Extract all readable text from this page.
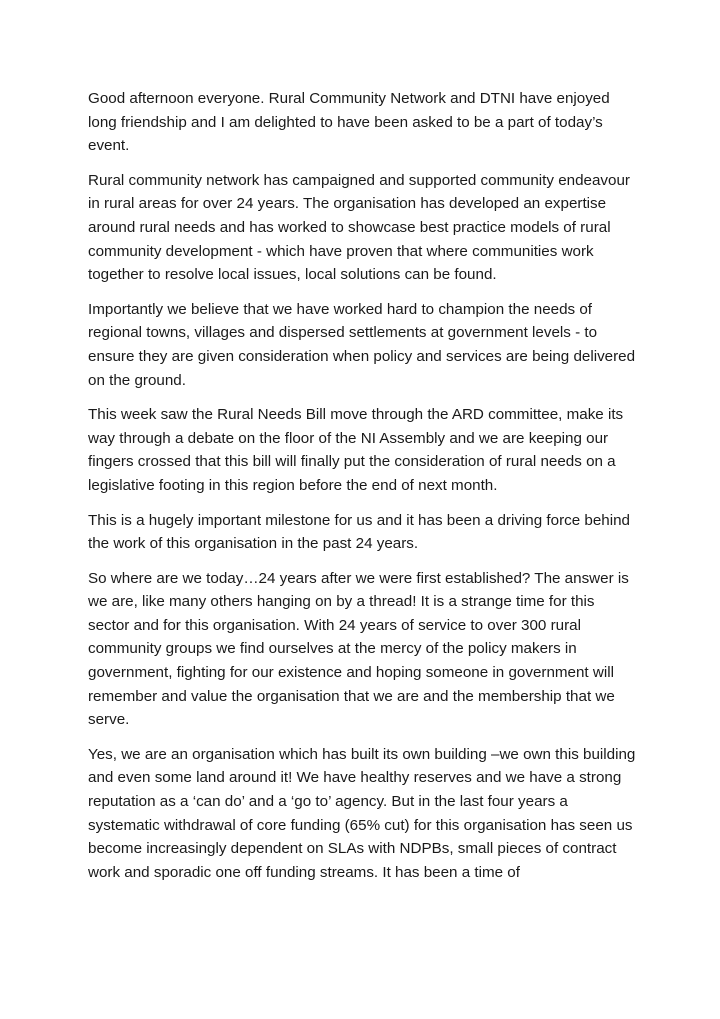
Good afternoon everyone. Rural Community Network and DTNI have enjoyed long friendship and I am delighted to have been asked to be a part of today’s event.

Rural community network has campaigned and supported community endeavour in rural areas for over 24 years. The organisation has developed an expertise around rural needs and has worked to showcase best practice models of rural community development - which have proven that where communities work together to resolve local issues, local solutions can be found.

Importantly we believe that we have worked hard to champion the needs of regional towns, villages and dispersed settlements at government levels - to ensure they are given consideration when policy and services are being delivered on the ground.

This week saw the Rural Needs Bill move through the ARD committee, make its way through a debate on the floor of the NI Assembly and we are keeping our fingers crossed that this bill will finally put the consideration of rural needs on a legislative footing in this region before the end of next month.

This is a hugely important milestone for us and it has been a driving force behind the work of this organisation in the past 24 years.

So where are we today…24 years after we were first established? The answer is we are, like many others hanging on by a thread! It is a strange time for this sector and for this organisation. With 24 years of service to over 300 rural community groups we find ourselves at the mercy of the policy makers in government, fighting for our existence and hoping someone in government will remember and value the organisation that we are and the membership that we serve.

Yes, we are an organisation which has built its own building –we own this building and even some land around it! We have healthy reserves and we have a strong reputation as a ‘can do’ and a ‘go to’ agency. But in the last four years a systematic withdrawal of core funding (65% cut) for this organisation has seen us become increasingly dependent on SLAs with NDPBs, small pieces of contract work and sporadic one off funding streams. It has been a time of
